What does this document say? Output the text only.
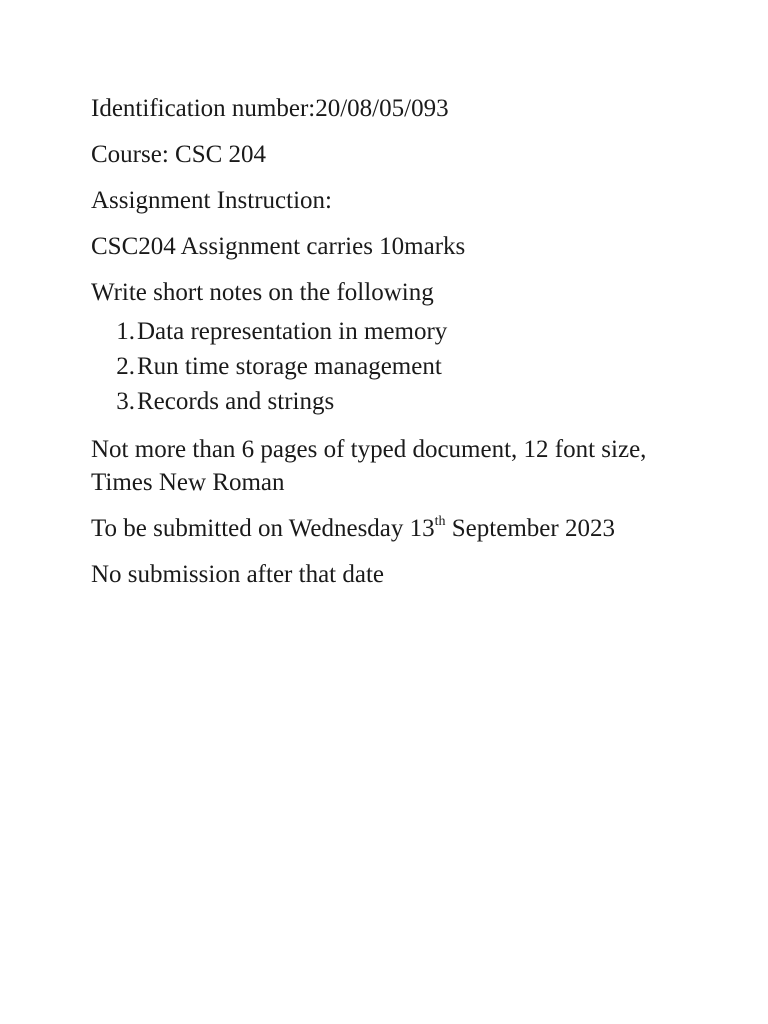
Identification number:20/08/05/093

Course: CSC 204

Assignment Instruction:

CSC204 Assignment carries 10marks

Write short notes on the following

1. Data representation in memory
2. Run time storage management
3. Records and strings

Not more than 6 pages of typed document, 12 font size, Times New Roman

To be submitted on Wednesday 13th September 2023

No submission after that date
